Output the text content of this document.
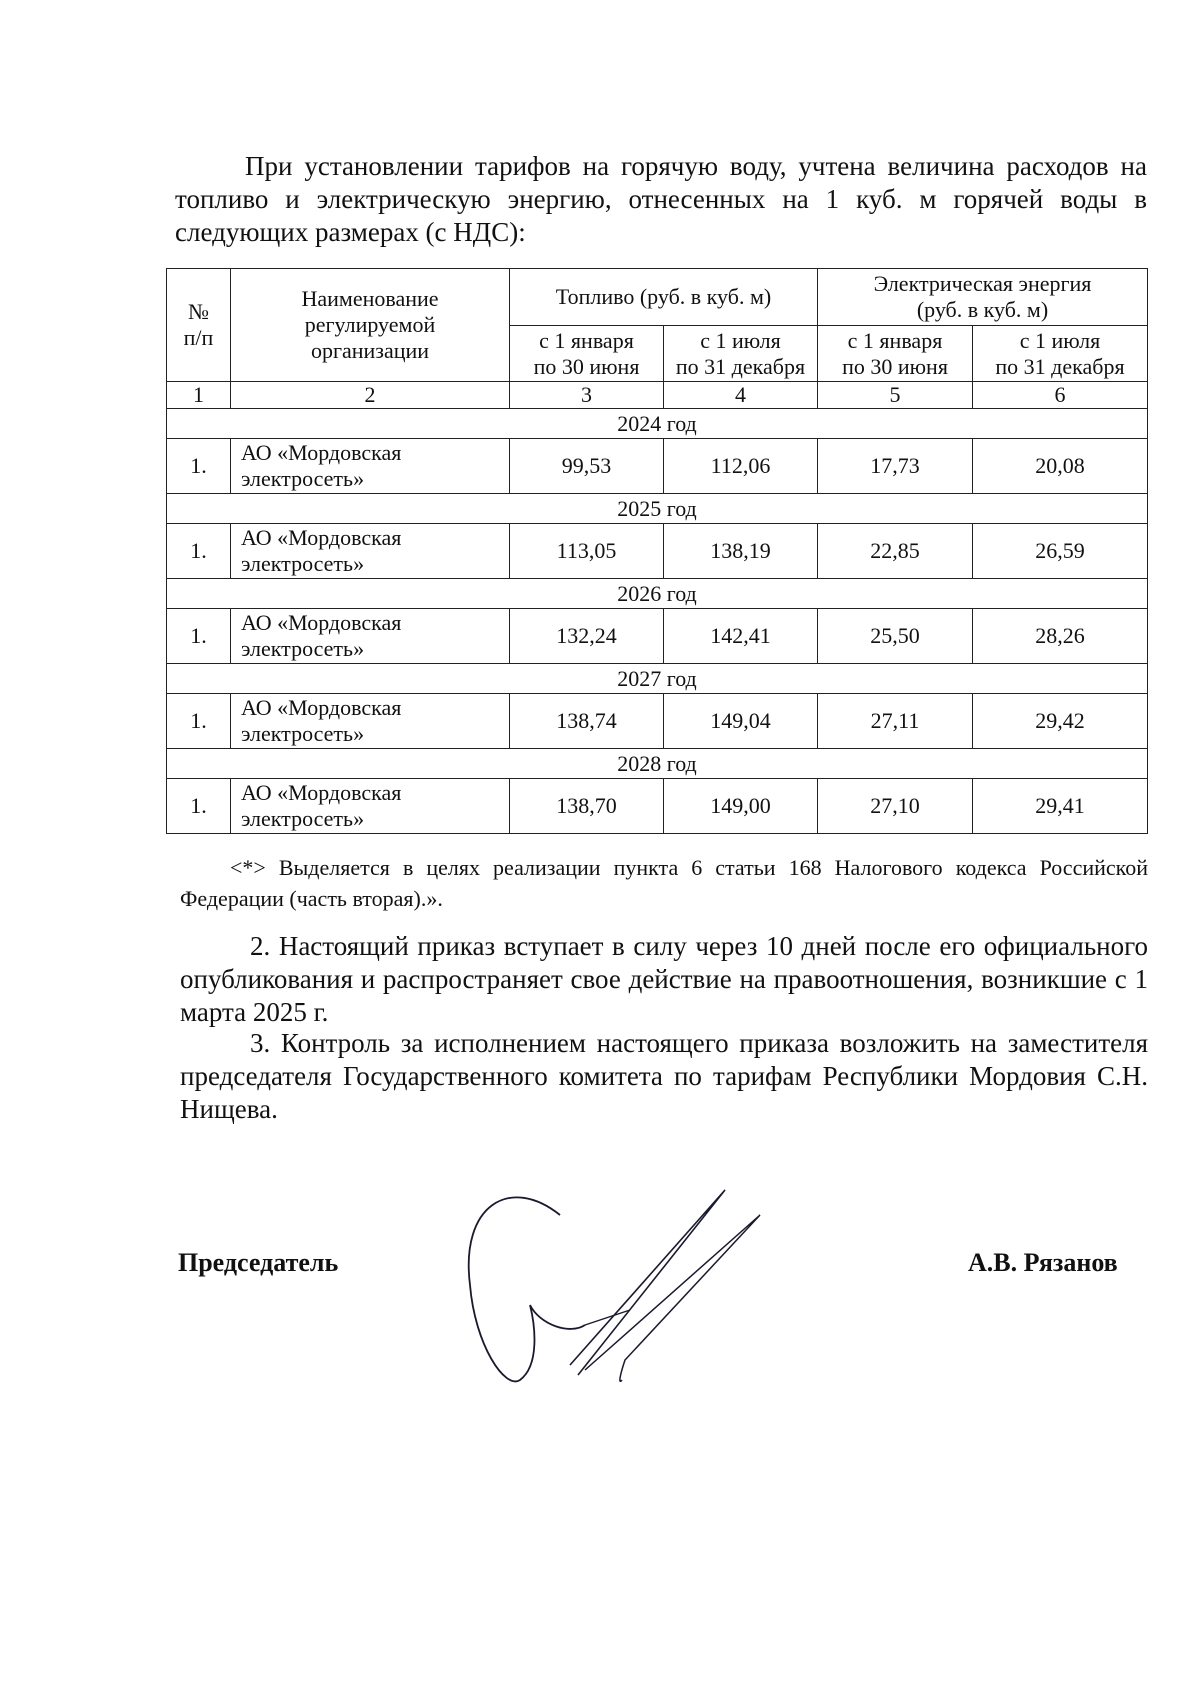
При установлении тарифов на горячую воду, учтена величина расходов на топливо и электрическую энергию, отнесенных на 1 куб. м горячей воды в следующих размерах (с НДС):

№
п/п	Наименование
регулируемой
организации	Топливо (руб. в куб. м)		Электрическая энергия
(руб. в куб. м)	
		с 1 января
по 30 июня	с 1 июля
по 31 декабря	с 1 января
по 30 июня	с 1 июля
по 31 декабря
1	2	3	4	5	6
2024 год					
1.	АО «Мордовская
электросеть»	99,53	112,06	17,73	20,08
2025 год					
1.	АО «Мордовская
электросеть»	113,05	138,19	22,85	26,59
2026 год					
1.	АО «Мордовская
электросеть»	132,24	142,41	25,50	28,26
2027 год					
1.	АО «Мордовская
электросеть»	138,74	149,04	27,11	29,42
2028 год					
1.	АО «Мордовская
электросеть»	138,70	149,00	27,10	29,41

<*> Выделяется в целях реализации пункта 6 статьи 168 Налогового кодекса Российской Федерации (часть вторая).».

2. Настоящий приказ вступает в силу через 10 дней после его официального опубликования и распространяет свое действие на правоотношения, возникшие с 1 марта 2025 г.

3. Контроль за исполнением настоящего приказа возложить на заместителя председателя Государственного комитета по тарифам Республики Мордовия С.Н. Нищева.

Председатель	А.В. Рязанов
